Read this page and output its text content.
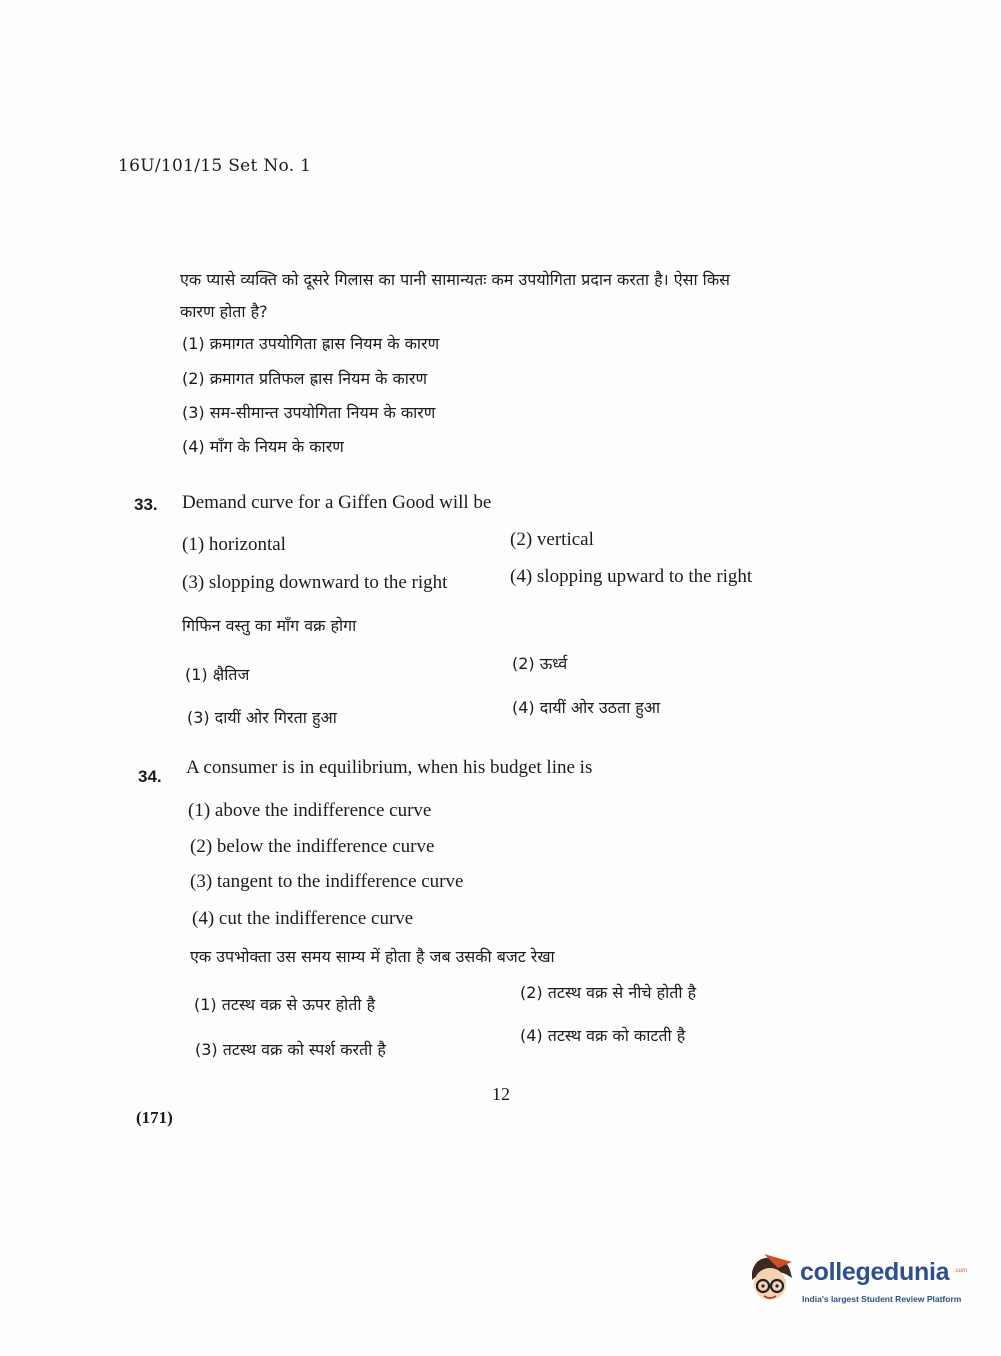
16U/101/15 Set No. 1
एक प्यासे व्यक्ति को दूसरे गिलास का पानी सामान्यतः कम उपयोगिता प्रदान करता है। ऐसा किस
कारण होता है?
(1) क्रमागत उपयोगिता ह्रास नियम के कारण
(2) क्रमागत प्रतिफल ह्रास नियम के कारण
(3) सम-सीमान्त उपयोगिता नियम के कारण
(4) माँग के नियम के कारण
33. Demand curve for a Giffen Good will be
(1) horizontal	(2) vertical
(3) slopping downward to the right	(4) slopping upward to the right
गिफिन वस्तु का माँग वक्र होगा
(1) क्षैतिज
(2) ऊर्ध्व
(3) दायीं ओर गिरता हुआ
(4) दायीं ओर उठता हुआ
34. A consumer is in equilibrium, when his budget line is
(1) above the indifference curve
(2) below the indifference curve
(3) tangent to the indifference curve
(4) cut the indifference curve
एक उपभोक्ता उस समय साम्य में होता है जब उसकी बजट रेखा
(1) तटस्थ वक्र से ऊपर होती है
(2) तटस्थ वक्र से नीचे होती है
(3) तटस्थ वक्र को स्पर्श करती है
(4) तटस्थ वक्र को काटती है
12
(171)
collegedunia .com
India's largest Student Review Platform
